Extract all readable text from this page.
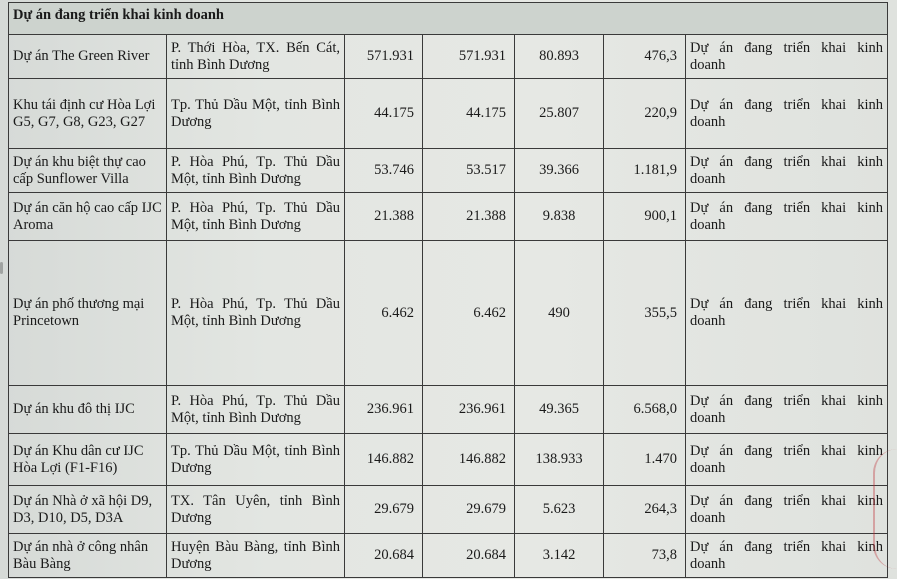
Dự án đang triển khai kinh doanh						
Dự án The Green River	P. Thới Hòa, TX. Bến Cát, tỉnh Bình Dương	571.931	571.931	80.893	476,3	Dự án đang triển khai kinh doanh
Khu tái định cư Hòa Lợi G5, G7, G8, G23, G27	Tp. Thủ Dầu Một, tỉnh Bình Dương	44.175	44.175	25.807	220,9	Dự án đang triển khai kinh doanh
Dự án khu biệt thự cao cấp Sunflower Villa	P. Hòa Phú, Tp. Thủ Dầu Một, tỉnh Bình Dương	53.746	53.517	39.366	1.181,9	Dự án đang triển khai kinh doanh
Dự án căn hộ cao cấp IJC Aroma	P. Hòa Phú, Tp. Thủ Dầu Một, tỉnh Bình Dương	21.388	21.388	9.838	900,1	Dự án đang triển khai kinh doanh
Dự án phố thương mại Princetown	P. Hòa Phú, Tp. Thủ Dầu Một, tỉnh Bình Dương	6.462	6.462	490	355,5	Dự án đang triển khai kinh doanh
Dự án khu đô thị IJC	P. Hòa Phú, Tp. Thủ Dầu Một, tỉnh Bình Dương	236.961	236.961	49.365	6.568,0	Dự án đang triển khai kinh doanh
Dự án Khu dân cư IJC Hòa Lợi (F1-F16)	Tp. Thủ Dầu Một, tỉnh Bình Dương	146.882	146.882	138.933	1.470	Dự án đang triển khai kinh doanh
Dự án Nhà ở xã hội D9, D3, D10, D5, D3A	TX. Tân Uyên, tỉnh Bình Dương	29.679	29.679	5.623	264,3	Dự án đang triển khai kinh doanh
Dự án nhà ở công nhân Bàu Bàng	Huyện Bàu Bàng, tỉnh Bình Dương	20.684	20.684	3.142	73,8	Dự án đang triển khai kinh doanh
